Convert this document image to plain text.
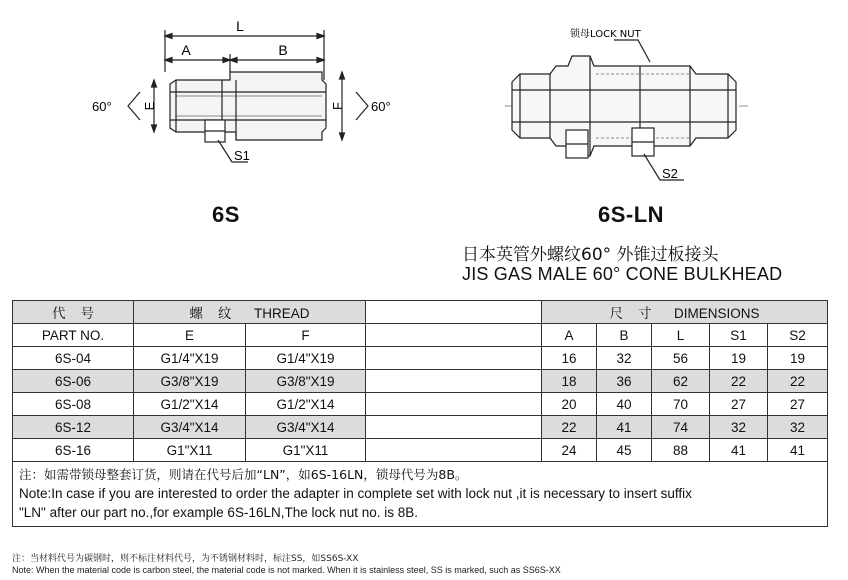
L
A	B
E	F
60°	60°
S1
锁母LOCK NUT
S2
6S	6S-LN
日本英管外螺纹60° 外锥过板接头
JIS GAS MALE 60° CONE BULKHEAD
代    号	螺    纹 THREAD			尺    寸 DIMENSIONS				
PART NO.	E	F		A	B	L	S1	S2
6S-04	G1/4"X19	G1/4"X19		16	32	56	19	19
6S-06	G3/8"X19	G3/8"X19		18	36	62	22	22
6S-08	G1/2"X14	G1/2"X14		20	40	70	27	27
6S-12	G3/4"X14	G3/4"X14		22	41	74	32	32
6S-16	G1"X11	G1"X11		24	45	88	41	41

注：如需带锁母整套订货，则请在代号后加“LN”，如6S-16LN，锁母代号为8B。
Note:In case if you are interested to order the adapter in complete set with lock nut ,it is necessary to insert suffix
"LN" after our part no.,for example 6S-16LN,The lock nut no. is 8B.								
注：当材料代号为碳钢时，则不标注材料代号，为不锈钢材料时，标注SS，如SS6S-XX
Note: When the material code is carbon steel, the material code is not marked. When it is stainless steel, SS is marked, such as SS6S-XX
